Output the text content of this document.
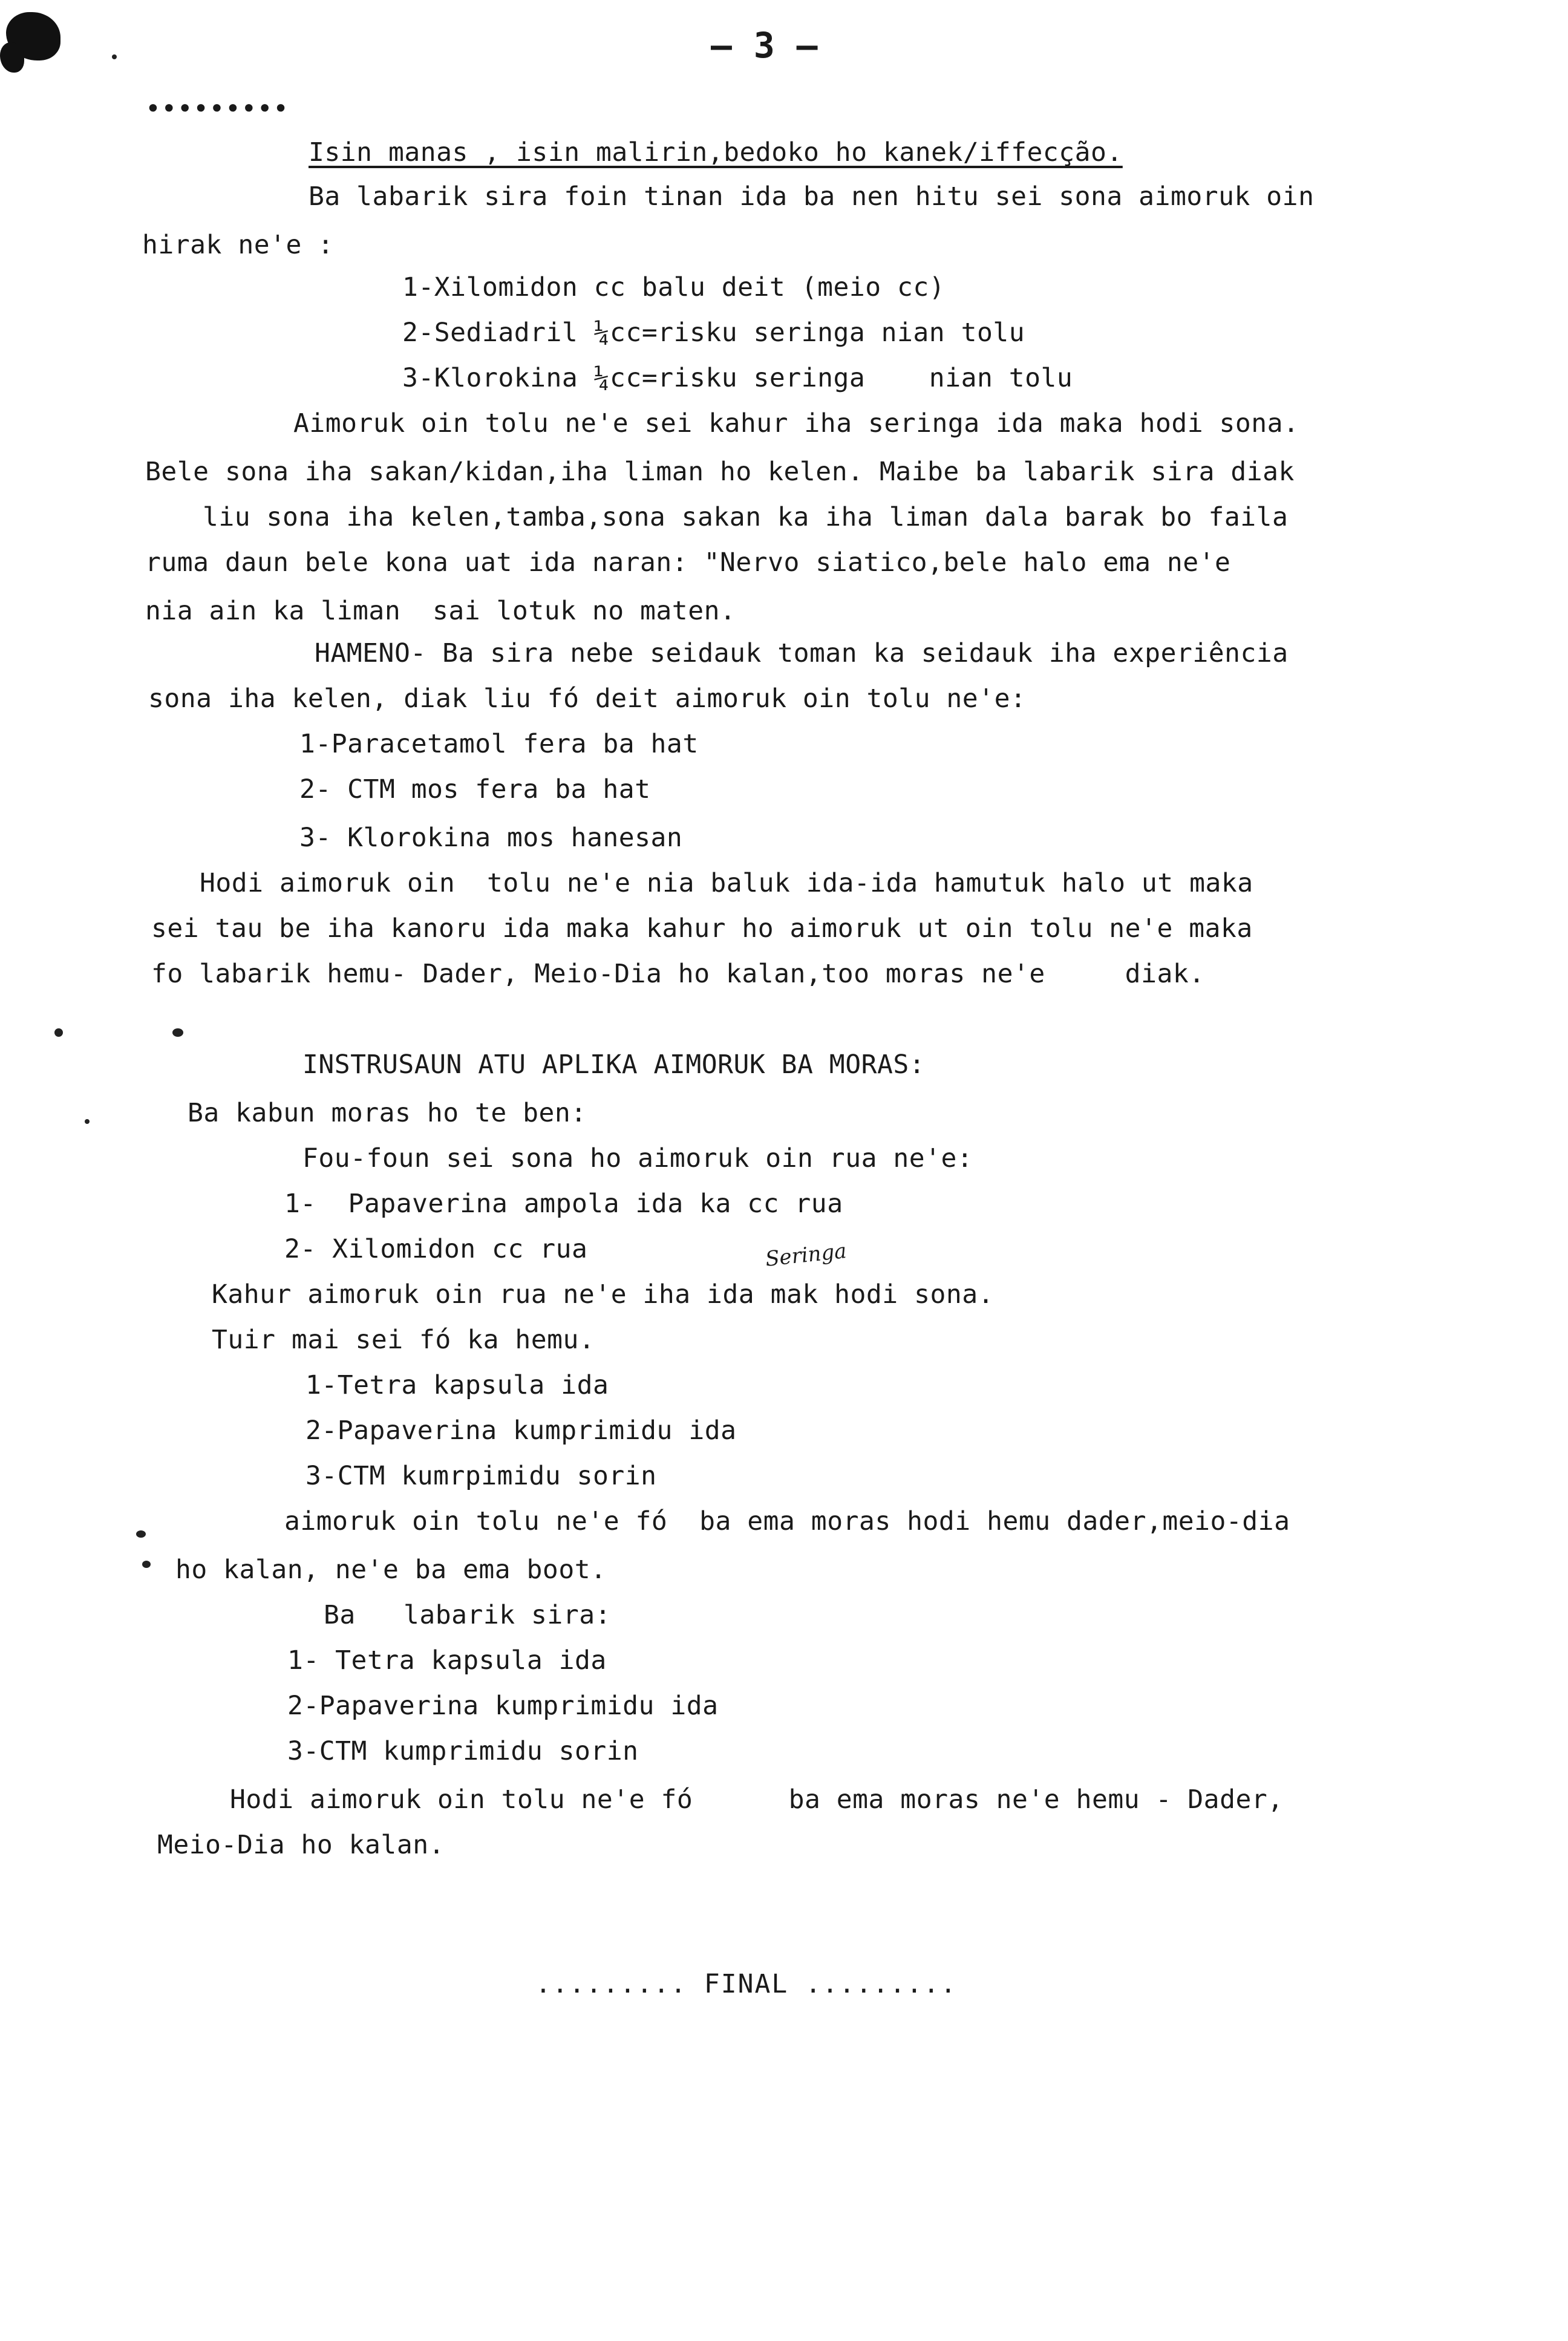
– 3 –
•••••••••
Isin manas , isin malirin,bedoko ho kanek/iffecção.
Ba labarik sira foin tinan ida ba nen hitu sei sona aimoruk oin
hirak ne'e :
1-Xilomidon cc balu deit (meio cc)
2-Sediadril ¼cc=risku seringa nian tolu
3-Klorokina ¼cc=risku seringa    nian tolu
Aimoruk oin tolu ne'e sei kahur iha seringa ida maka hodi sona.
Bele sona iha sakan/kidan,iha liman ho kelen. Maibe ba labarik sira diak
liu sona iha kelen,tamba,sona sakan ka iha liman dala barak bo faila
ruma daun bele kona uat ida naran: "Nervo siatico,bele halo ema ne'e
nia ain ka liman  sai lotuk no maten.
HAMENO- Ba sira nebe seidauk toman ka seidauk iha experiência
sona iha kelen, diak liu fó deit aimoruk oin tolu ne'e:
1-Paracetamol fera ba hat
2- CTM mos fera ba hat
3- Klorokina mos hanesan
Hodi aimoruk oin  tolu ne'e nia baluk ida-ida hamutuk halo ut maka
sei tau be iha kanoru ida maka kahur ho aimoruk ut oin tolu ne'e maka
fo labarik hemu- Dader, Meio-Dia ho kalan,too moras ne'e     diak.
INSTRUSAUN ATU APLIKA AIMORUK BA MORAS:
Ba kabun moras ho te ben:
Fou-foun sei sona ho aimoruk oin rua ne'e:
1-  Papaverina ampola ida ka cc rua
2- Xilomidon cc rua	Seringa
Kahur aimoruk oin rua ne'e iha ida mak hodi sona.
Tuir mai sei fó ka hemu.
1-Tetra kapsula ida
2-Papaverina kumprimidu ida
3-CTM kumrpimidu sorin
aimoruk oin tolu ne'e fó  ba ema moras hodi hemu dader,meio-dia
ho kalan, ne'e ba ema boot.
Ba   labarik sira:
1- Tetra kapsula ida
2-Papaverina kumprimidu ida
3-CTM kumprimidu sorin
Hodi aimoruk oin tolu ne'e fó      ba ema moras ne'e hemu - Dader,
Meio-Dia ho kalan.
......... FINAL .........
